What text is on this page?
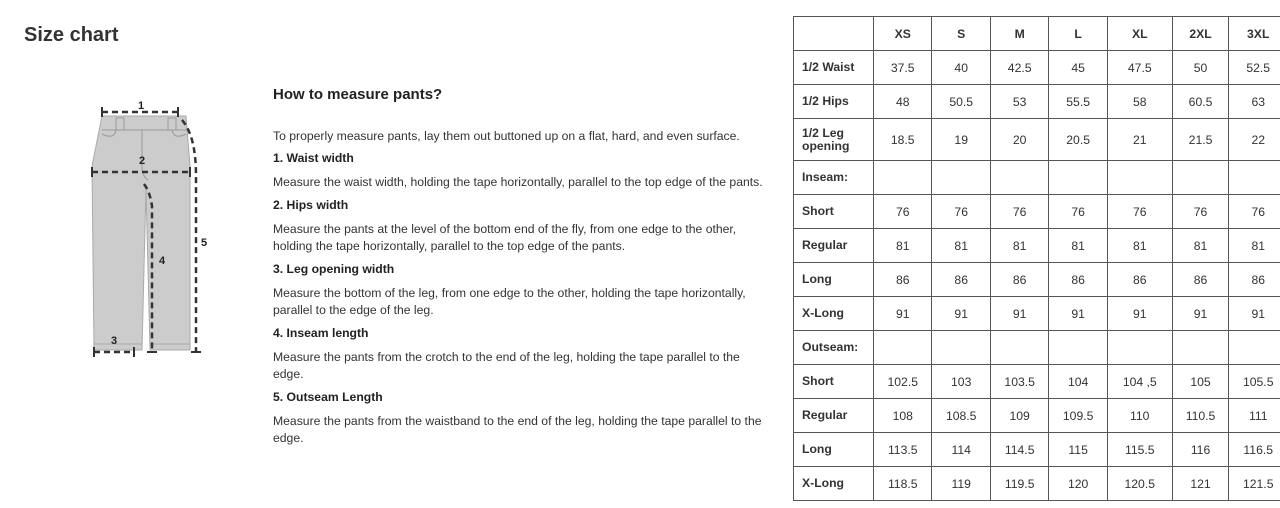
Size chart
1
2
3
4
5
How to measure pants?

To properly measure pants, lay them out buttoned up on a flat, hard, and even surface.

1. Waist width

Measure the waist width, holding the tape horizontally, parallel to the top edge of the pants.

2. Hips width

Measure the pants at the level of the bottom end of the fly, from one edge to the other, holding the tape horizontally, parallel to the top edge of the pants.

3. Leg opening width

Measure the bottom of the leg, from one edge to the other, holding the tape horizontally, parallel to the edge of the leg.

4. Inseam length

Measure the pants from the crotch to the end of the leg, holding the tape parallel to the edge.

5. Outseam Length

Measure the pants from the waistband to the end of the leg, holding the tape parallel to the edge.

	XS	S	M	L	XL	2XL	3XL
1/2 Waist	37.5	40	42.5	45	47.5	50	52.5
1/2 Hips	48	50.5	53	55.5	58	60.5	63
1/2 Leg
opening	18.5	19	20	20.5	21	21.5	22
Inseam:							
Short	76	76	76	76	76	76	76
Regular	81	81	81	81	81	81	81
Long	86	86	86	86	86	86	86
X-Long	91	91	91	91	91	91	91
Outseam:							
Short	102.5	103	103.5	104	104 ,5	105	105.5
Regular	108	108.5	109	109.5	110	110.5	111
Long	113.5	114	114.5	115	115.5	116	116.5
X-Long	118.5	119	119.5	120	120.5	121	121.5
